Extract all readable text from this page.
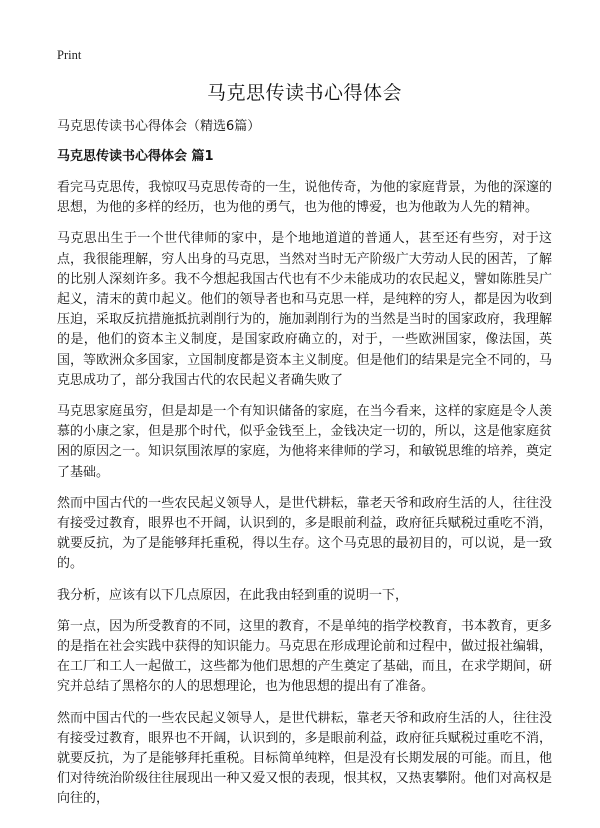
Print
马克思传读书心得体会

马克思传读书心得体会（精选6篇）

马克思传读书心得体会 篇1

看完马克思传，我惊叹马克思传奇的一生，说他传奇，为他的家庭背景，为他的深邃的思想，为他的多样的经历，也为他的勇气，也为他的博爱，也为他敢为人先的精神。

马克思出生于一个世代律师的家中，是个地地道道的普通人，甚至还有些穷，对于这点，我很能理解，穷人出身的马克思，当然对当时无产阶级广大劳动人民的困苦，了解的比别人深刻许多。我不今想起我国古代也有不少未能成功的农民起义，譬如陈胜吴广起义，清末的黄巾起义。他们的领导者也和马克思一样，是纯粹的穷人，都是因为收到压迫，采取反抗措施抵抗剥削行为的，施加剥削行为的当然是当时的国家政府，我理解的是，他们的资本主义制度，是国家政府确立的，对于，一些欧洲国家，像法国，英国，等欧洲众多国家，立国制度都是资本主义制度。但是他们的结果是完全不同的，马克思成功了，部分我国古代的农民起义者确失败了

马克思家庭虽穷，但是却是一个有知识储备的家庭，在当今看来，这样的家庭是令人羡慕的小康之家，但是那个时代，似乎金钱至上，金钱决定一切的，所以，这是他家庭贫困的原因之一。知识氛围浓厚的家庭，为他将来律师的学习，和敏锐思维的培养，奠定了基础。

然而中国古代的一些农民起义领导人，是世代耕耘，靠老天爷和政府生活的人，往往没有接受过教育，眼界也不开阔，认识到的，多是眼前利益，政府征兵赋税过重吃不消，就要反抗，为了是能够拜托重税，得以生存。这个马克思的最初目的，可以说，是一致的。

我分析，应该有以下几点原因，在此我由轻到重的说明一下，

第一点，因为所受教育的不同，这里的教育，不是单纯的指学校教育，书本教育，更多的是指在社会实践中获得的知识能力。马克思在形成理论前和过程中，做过报社编辑，在工厂和工人一起做工，这些都为他们思想的产生奠定了基础，而且，在求学期间，研究并总结了黑格尔的人的思想理论，也为他思想的提出有了准备。

然而中国古代的一些农民起义领导人，是世代耕耘，靠老天爷和政府生活的人，往往没有接受过教育，眼界也不开阔，认识到的，多是眼前利益，政府征兵赋税过重吃不消，就要反抗，为了是能够拜托重税。目标简单纯粹，但是没有长期发展的可能。而且，他们对待统治阶级往往展现出一种又爱又恨的表现，恨其权，又热衷攀附。他们对高权是向往的，
